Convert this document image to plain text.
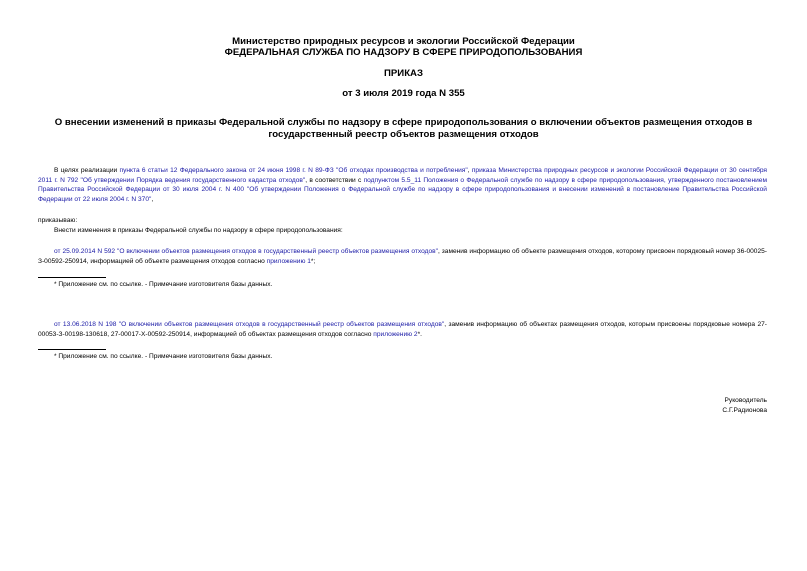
Министерство природных ресурсов и экологии Российской Федерации
ФЕДЕРАЛЬНАЯ СЛУЖБА ПО НАДЗОРУ В СФЕРЕ ПРИРОДОПОЛЬЗОВАНИЯ
ПРИКАЗ
от 3 июля 2019 года N 355
О внесении изменений в приказы Федеральной службы по надзору в сфере природопользования о включении объектов размещения отходов в государственный реестр объектов размещения отходов
В целях реализации пункта 6 статьи 12 Федерального закона от 24 июня 1998 г. N 89-ФЗ "Об отходах производства и потребления", приказа Министерства природных ресурсов и экологии Российской Федерации от 30 сентября 2011 г. N 792 "Об утверждении Порядка ведения государственного кадастра отходов", в соответствии с подпунктом 5.5_11 Положения о Федеральной службе по надзору в сфере природопользования, утвержденного постановлением Правительства Российской Федерации от 30 июля 2004 г. N 400 "Об утверждении Положения о Федеральной службе по надзору в сфере природопользования и внесении изменений в постановление Правительства Российской Федерации от 22 июля 2004 г. N 370",
приказываю:
Внести изменения в приказы Федеральной службы по надзору в сфере природопользования:
от 25.09.2014 N 592 "О включении объектов размещения отходов в государственный реестр объектов размещения отходов", заменив информацию об объекте размещения отходов, которому присвоен порядковый номер 36-00025-З-00592-250914, информацией об объекте размещения отходов согласно приложению 1*;
* Приложение см. по ссылке. - Примечание изготовителя базы данных.
от 13.06.2018 N 198 "О включении объектов размещения отходов в государственный реестр объектов размещения отходов", заменив информацию об объектах размещения отходов, которым присвоены порядковые номера 27-00053-З-00198-130618, 27-00017-Х-00592-250914, информацией об объектах размещения отходов согласно приложению 2*.
* Приложение см. по ссылке. - Примечание изготовителя базы данных.
Руководитель
С.Г.Радионова
